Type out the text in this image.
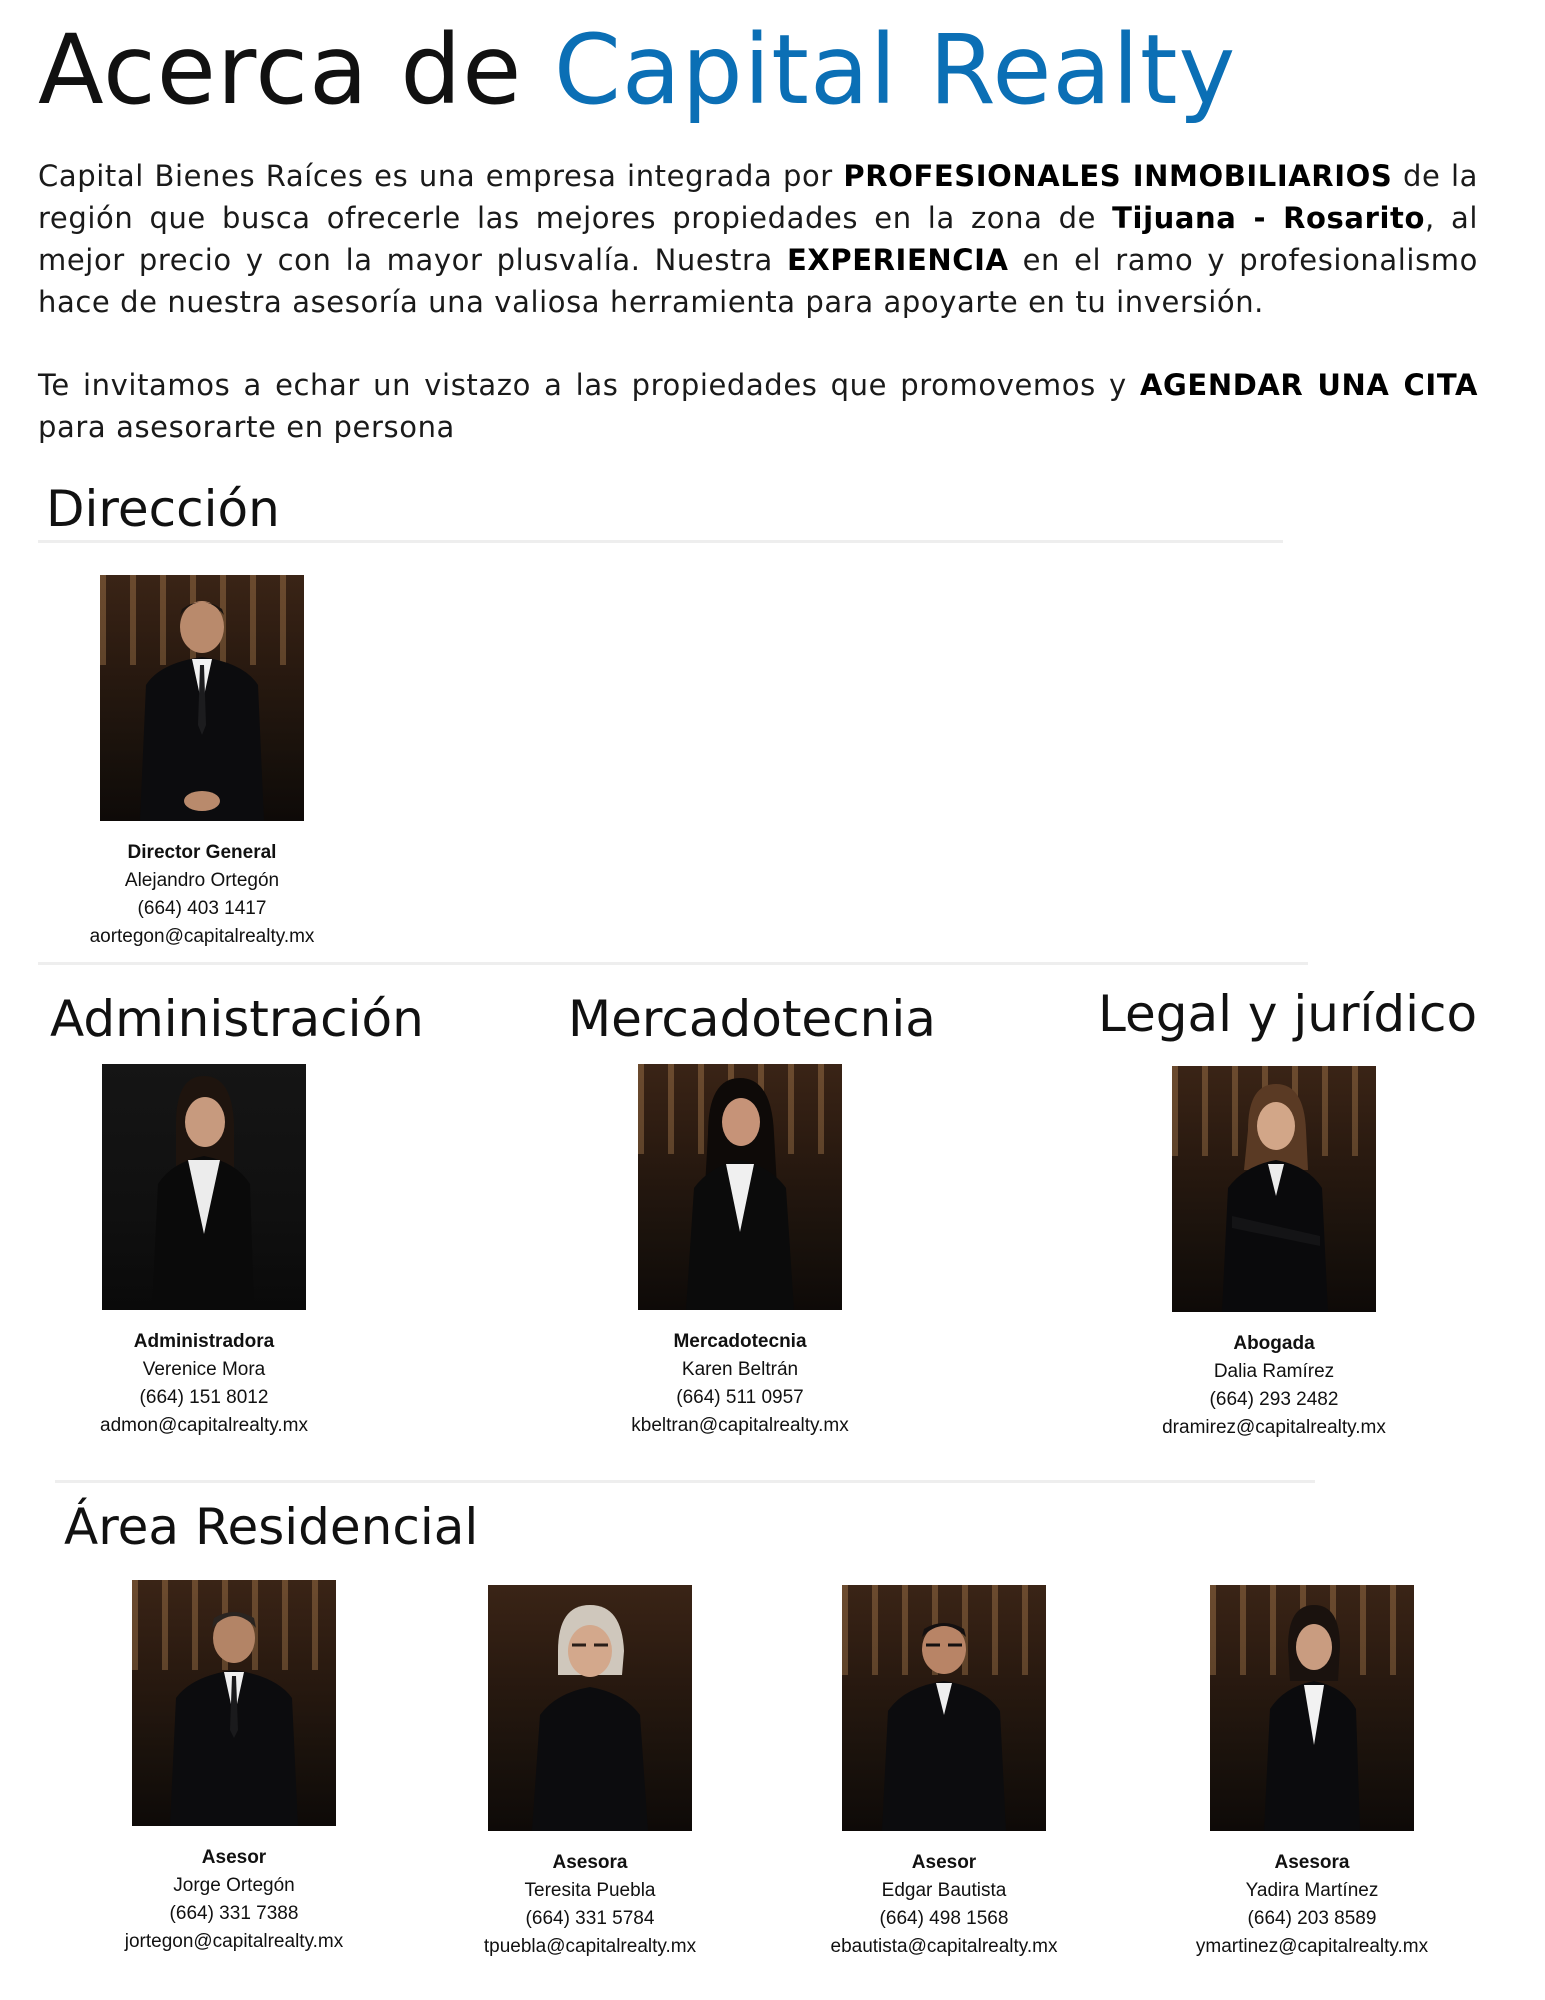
Acerca de Capital Realty

Capital Bienes Raíces es una empresa integrada por PROFESIONALES INMOBILIARIOS de la región que busca ofrecerle las mejores propiedades en la zona de Tijuana - Rosarito, al mejor precio y con la mayor plusvalía. Nuestra EXPERIENCIA en el ramo y profesionalismo hace de nuestra asesoría una valiosa herramienta para apoyarte en tu inversión.

Te invitamos a echar un vistazo a las propiedades que promovemos y AGENDAR UNA CITA para asesorarte en persona

Dirección
Director General
Alejandro Ortegón
(664) 403 1417
aortegon@capitalrealty.mx
Administración	Mercadotecnia	Legal y jurídico
Administradora
Verenice Mora
(664) 151 8012
admon@capitalrealty.mx
Mercadotecnia
Karen Beltrán
(664) 511 0957
kbeltran@capitalrealty.mx
Abogada
Dalia Ramírez
(664) 293 2482
dramirez@capitalrealty.mx
Área Residencial
Asesor
Jorge Ortegón
(664) 331 7388
jortegon@capitalrealty.mx
Asesora
Teresita Puebla
(664) 331 5784
tpuebla@capitalrealty.mx
Asesor
Edgar Bautista
(664) 498 1568
ebautista@capitalrealty.mx
Asesora
Yadira Martínez
(664) 203 8589
ymartinez@capitalrealty.mx
